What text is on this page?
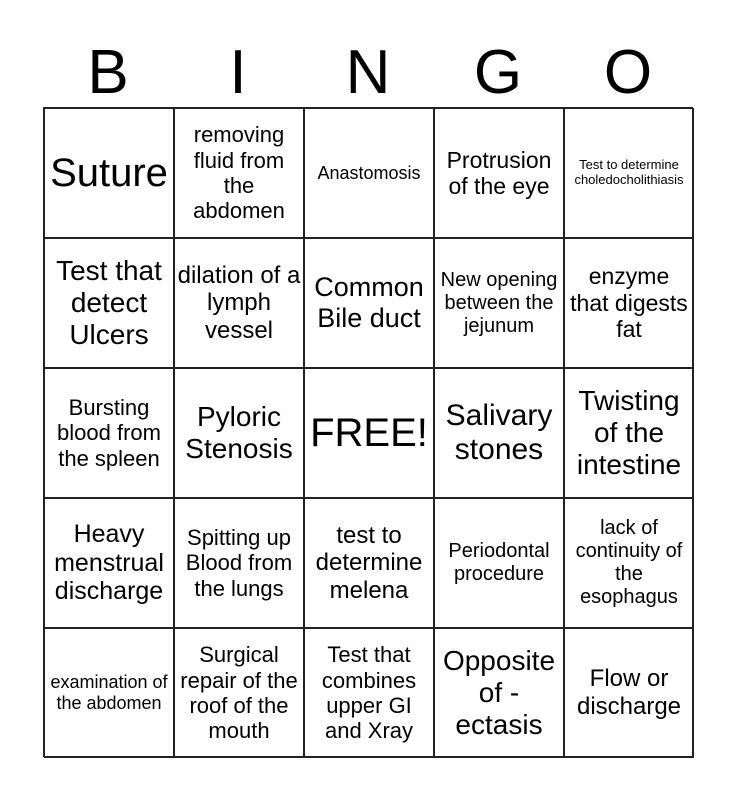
B	I	N	G	O
Suture
removing fluid from the abdomen
Anastomosis
Protrusion of the eye
Test to determine choledocholithiasis
Test that detect Ulcers
dilation of a lymph vessel
Common Bile duct
New opening between the jejunum
enzyme that digests fat
Bursting blood from the spleen
Pyloric Stenosis FREE! Salivary stones
Twisting of the intestine
Heavy menstrual discharge
Spitting up Blood from the lungs
test to determine melena
Periodontal procedure
lack of continuity of the esophagus
examination of the abdomen
Surgical repair of the roof of the mouth
Test that combines upper GI and Xray
Opposite of -ectasis
Flow or discharge
